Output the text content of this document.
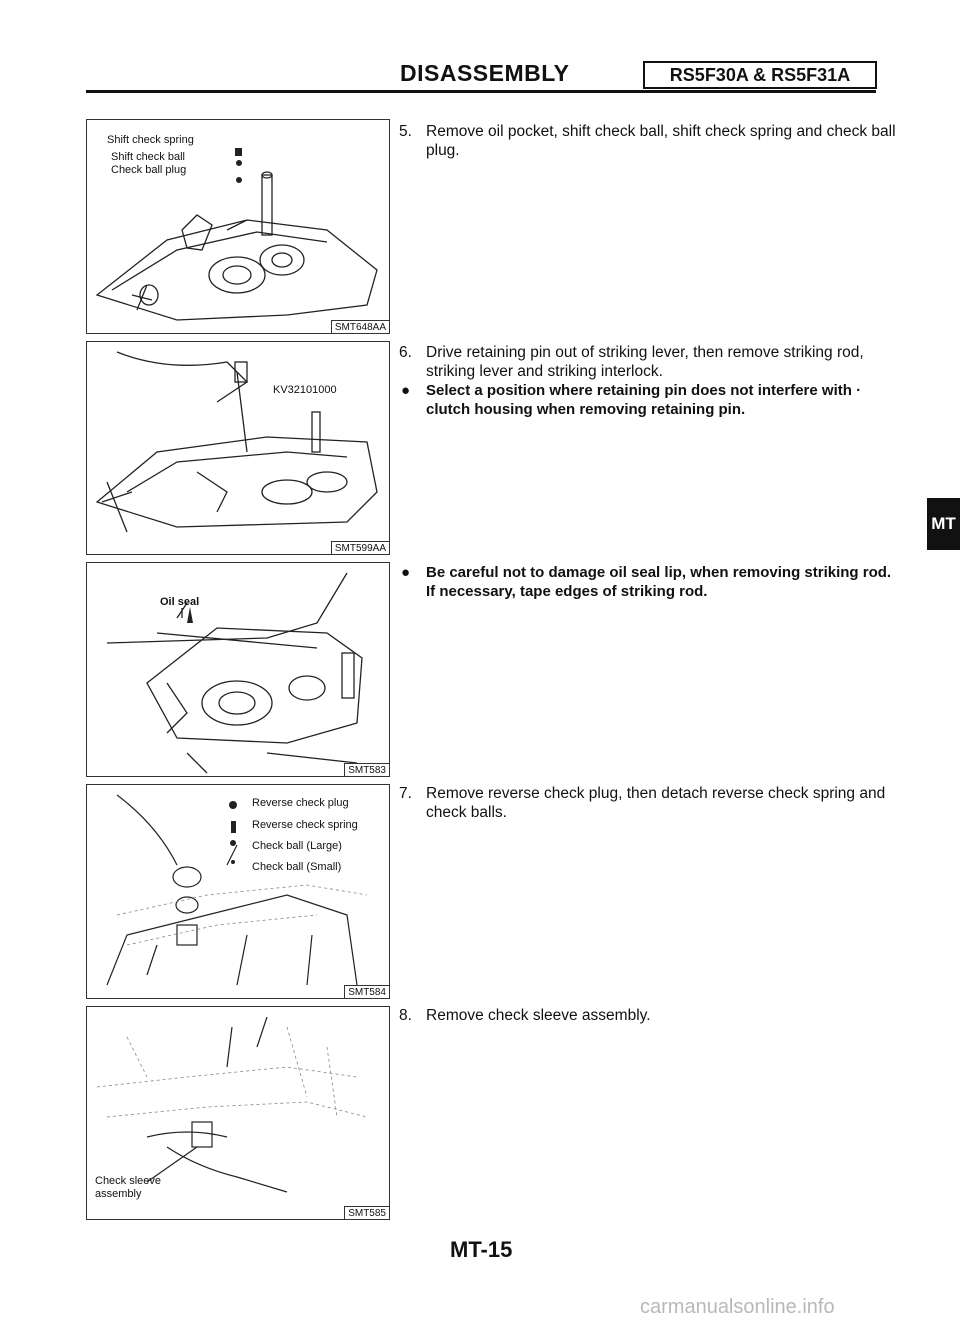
DISASSEMBLY	RS5F30A & RS5F31A
Shift check spring
Shift check ball
Check ball plug
SMT648AA
KV32101000
SMT599AA
Oil seal
SMT583
Reverse check plug
Reverse check spring
Check ball (Large)
Check ball (Small)
SMT584
Check sleeve
assembly
SMT585
5. Remove oil pocket, shift check ball, shift check spring and check ball plug.
6. Drive retaining pin out of striking lever, then remove striking rod, striking lever and striking interlock.
● Select a position where retaining pin does not interfere with · clutch housing when removing retaining pin.
● Be careful not to damage oil seal lip, when removing striking rod. If necessary, tape edges of striking rod.
7. Remove reverse check plug, then detach reverse check spring and check balls.
8. Remove check sleeve assembly.
MT
MT-15
carmanualsonline.info
